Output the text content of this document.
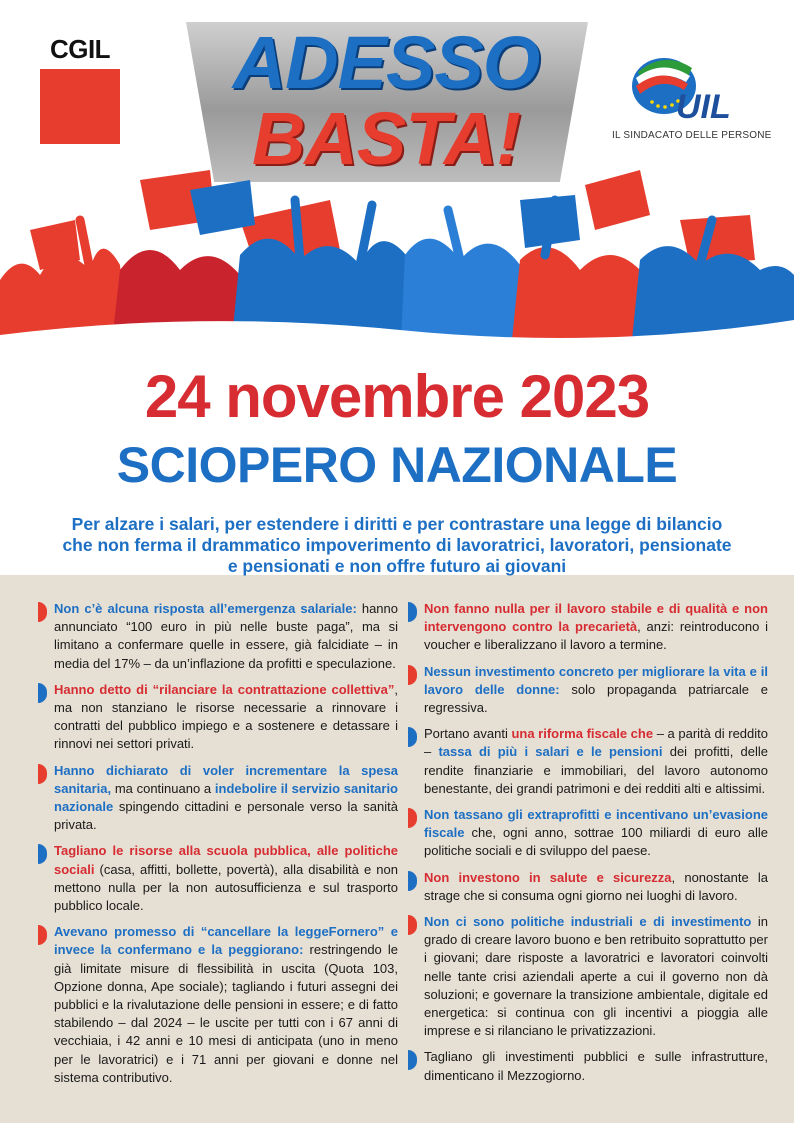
CGIL	ADESSO
BASTA!	UIL
IL SINDACATO DELLE PERSONE
24 novembre 2023
SCIOPERO NAZIONALE
Per alzare i salari, per estendere i diritti e per contrastare una legge di bilancio che non ferma il drammatico impoverimento di lavoratrici, lavoratori, pensionate e pensionati e non offre futuro ai giovani
Non c’è alcuna risposta all’emergenza salariale: hanno annunciato “100 euro in più nelle buste paga”, ma si limitano a confermare quelle in essere, già falcidiate – in media del 17% – da un’inflazione da profitti e speculazione.
Hanno detto di “rilanciare la contrattazione collettiva”, ma non stanziano le risorse necessarie a rinnovare i contratti del pubblico impiego e a sostenere e detassare i rinnovi nei settori privati.
Hanno dichiarato di voler incrementare la spesa sanitaria, ma continuano a indebolire il servizio sanitario nazionale spingendo cittadini e personale verso la sanità privata.
Tagliano le risorse alla scuola pubblica, alle politiche sociali (casa, affitti, bollette, povertà), alla disabilità e non mettono nulla per la non autosufficienza e sul trasporto pubblico locale.
Avevano promesso di “cancellare la leggeFornero” e invece la confermano e la peggiorano: restringendo le già limitate misure di flessibilità in uscita (Quota 103, Opzione donna, Ape sociale); tagliando i futuri assegni dei pubblici e la rivalutazione delle pensioni in essere; e di fatto stabilendo – dal 2024 – le uscite per tutti con i 67 anni di vecchiaia, i 42 anni e 10 mesi di anticipata (uno in meno per le lavoratrici) e i 71 anni per giovani e donne nel sistema contributivo.
Non fanno nulla per il lavoro stabile e di qualità e non intervengono contro la precarietà, anzi: reintroducono i voucher e liberalizzano il lavoro a termine.
Nessun investimento concreto per migliorare la vita e il lavoro delle donne: solo propaganda patriarcale e regressiva.
Portano avanti una riforma fiscale che – a parità di reddito – tassa di più i salari e le pensioni dei profitti, delle rendite finanziarie e immobiliari, del lavoro autonomo benestante, dei grandi patrimoni e dei redditi alti e altissimi.
Non tassano gli extraprofitti e incentivano un’evasione fiscale che, ogni anno, sottrae 100 miliardi di euro alle politiche sociali e di sviluppo del paese.
Non investono in salute e sicurezza, nonostante la strage che si consuma ogni giorno nei luoghi di lavoro.
Non ci sono politiche industriali e di investimento in grado di creare lavoro buono e ben retribuito soprattutto per i giovani; dare risposte a lavoratrici e lavoratori coinvolti nelle tante crisi aziendali aperte a cui il governo non dà soluzioni; e governare la transizione ambientale, digitale ed energetica: si continua con gli incentivi a pioggia alle imprese e si rilanciano le privatizzazioni.
Tagliano gli investimenti pubblici e sulle infrastrutture, dimenticano il Mezzogiorno.
